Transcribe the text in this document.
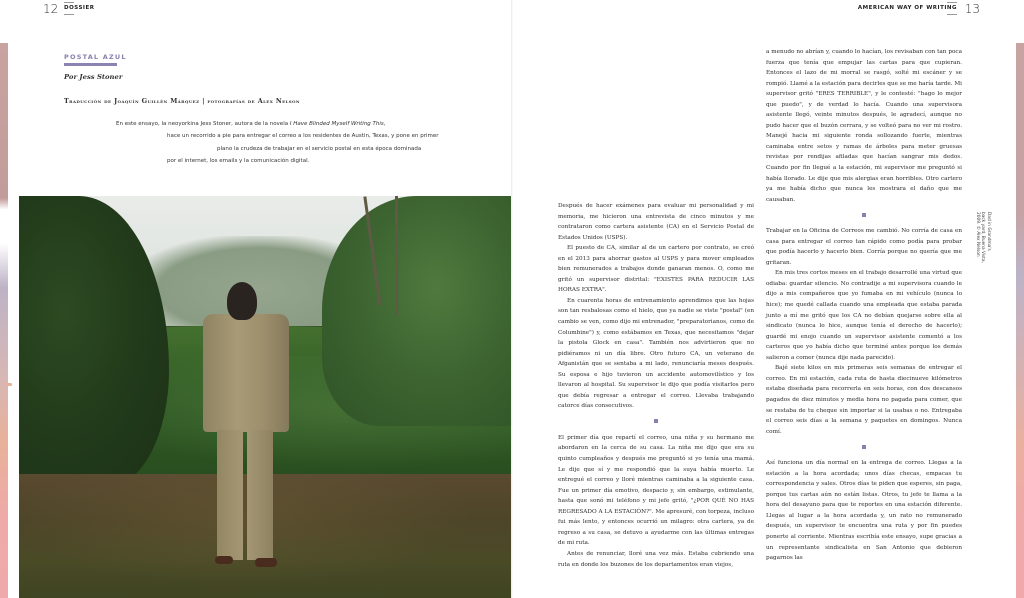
12 DOSSIER
POSTAL AZUL
Por Jess Stoner
Traducción de Joaquín Guillén Márquez | fotografías de Alex Nelson
En este ensayo, la neoyorkina Jess Stoner, autora de la novela I Have Blinded Myself Writing This,
hace un recorrido a pie para entregar el correo a los residentes de Austin, Texas, y pone en primer
plano la crudeza de trabajar en el servicio postal en esta época dominada
por el internet, los emails y la comunicación digital.
13
AMERICAN WAY OF WRITING

Después de hacer exámenes para evaluar mi personalidad y mi memoria, me hicieron una entrevista de cinco minutos y me contrataron como cartera asistente (CA) en el Servicio Postal de Estados Unidos (USPS).

El puesto de CA, similar al de un cartero por contrato, se creó en el 2013 para ahorrar gastos al USPS y para mover empleados bien remunerados a trabajos donde ganaran menos. O, como me gritó un supervisor distrital: "EXISTES PARA REDUCIR LAS HORAS EXTRA".

En cuarenta horas de entrenamiento aprendimos que las hojas son tan resbalosas como el hielo, que ya nadie se viste "postal" (en cambio se ven, como dijo mi entrenador, "preparatorianos, como de Columbine") y, como estábamos en Texas, que necesitamos "dejar la pistola Glock en casa". También nos advirtieron que no pidiéramos ni un día libre. Otro futuro CA, un veterano de Afganistán que se sentaba a mi lado, renunciaría meses después. Su esposa e hijo tuvieron un accidente automovilístico y los llevaron al hospital. Su supervisor le dijo que podía visitarlos pero que debía regresar a entregar el correo. Llevaba trabajando catorce días consecutivos.

El primer día que repartí el correo, una niña y su hermano me abordaron en la cerca de su casa. La niña me dijo que era su quinto cumpleaños y después me preguntó si yo tenía una mamá. Le dije que sí y me respondió que la suya había muerto. Le entregué el correo y lloré mientras caminaba a la siguiente casa. Fue un primer día emotivo, despacio y, sin embargo, estimulante, hasta que sonó mi teléfono y mi jefe gritó, "¿POR QUÉ NO HAS REGRESADO A LA ESTACIÓN?". Me apresuré, con torpeza, incluso fui más lento, y entonces ocurrió un milagro: otra cartera, ya de regreso a su casa, se detuvo a ayudarme con las últimas entregas de mi ruta.

Antes de renunciar, lloré una vez más. Estaba cubriendo una ruta en donde los buzones de los departamentos eran viejos,

a menudo no abrían y, cuando lo hacían, los revisaban con tan poca fuerza que tenía que empujar las cartas para que cupieran. Entonces el lazo de mi morral se rasgó, solté mi escáner y se rompió. Llamé a la estación para decirles que se me haría tarde. Mi supervisor gritó "ERES TERRIBLE", y le contesté: "hago lo mejor que puedo", y de verdad lo hacía. Cuando una supervisora asistente llegó, veinte minutos después, le agradecí, aunque no pudo hacer que el buzón cerrara, y se volteó para no ver mi rostro. Manejé hacia mi siguiente ronda sollozando fuerte, mientras caminaba entre setos y ramas de árboles para meter gruesas revistas por rendijas afiladas que hacían sangrar mis dedos. Cuando por fin llegué a la estación, mi supervisor me preguntó si había llorado. Le dije que mis alergias eran horribles. Otro cartero ya me había dicho que nunca les mostrara el daño que me causaban.

Trabajar en la Oficina de Correos me cambió. No corría de casa en casa para entregar el correo tan rápido como podía para probar que podía hacerlo y hacerlo bien. Corría porque no quería que me gritaran.

En mis tres cortos meses en el trabajo desarrollé una virtud que odiaba: guardar silencio. No contradije a mi supervisora cuando le dijo a mis compañeros que yo fumaba en mi vehículo (nunca lo hice); me quedé callada cuando una empleada que estaba parada junto a mí me gritó que los CA no debían quejarse sobre ella al sindicato (nunca lo hice, aunque tenía el derecho de hacerlo); guardé mi enojo cuando un supervisor asistente comentó a los carteros que yo había dicho que terminé antes porque los demás salieron a comer (nunca dije nada parecido).

Bajé siete kilos en mis primeras seis semanas de entregar el correo. En mi estación, cada ruta de hasta diecinueve kilómetros estaba diseñada para recorrerla en seis horas, con dos descansos pagados de diez minutos y media hora no pagada para comer, que se restaba de tu cheque sin importar si la usabas o no. Entregaba el correo seis días a la semana y paquetes en domingos. Nunca comí.

Así funciona un día normal en la entrega de correo. Llegas a la estación a la hora acordada; unos días checas, empacas tu correspondencia y sales. Otros días te piden que esperes, sin paga, porque tus cartas aún no están listas. Otros, tu jefe te llama a la hora del desayuno para que te reportes en una estación diferente. Llegas al lugar a la hora acordada y, un rato no remunerado después, un supervisor te encuentra una ruta y por fin puedes ponerte al corriente. Mientras escribía este ensayo, supe gracias a un representante sindicalista en San Antonio que debieron pagarnos las

Dad in Grandma's
back yard, Buena Vista,
2009. © Alex Nelson
